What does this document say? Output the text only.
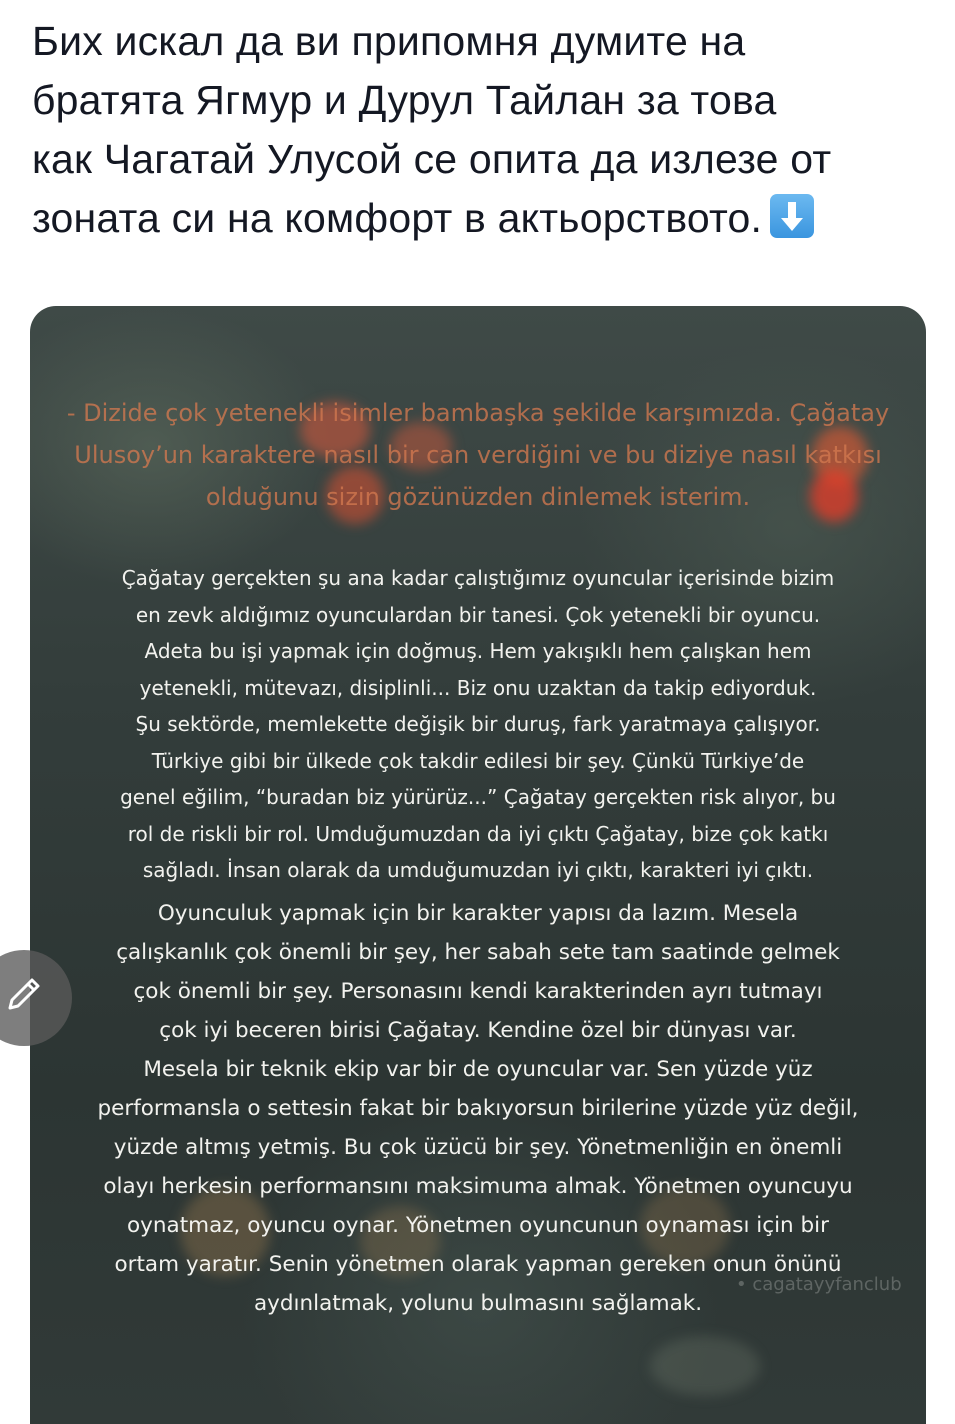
Бих искал да ви припомня думите на
братята Ягмур и Дурул Тайлан за това
как Чагатай Улусой се опита да излезе от
зоната си на комфорт в актьорството.
- Dizide çok yetenekli isimler bambaşka şekilde karşımızda. Çağatay
Ulusoy’un karaktere nasıl bir can verdiğini ve bu diziye nasıl katkısı
olduğunu sizin gözünüzden dinlemek isterim.
Çağatay gerçekten şu ana kadar çalıştığımız oyuncular içerisinde bizim
en zevk aldığımız oyunculardan bir tanesi. Çok yetenekli bir oyuncu.
Adeta bu işi yapmak için doğmuş. Hem yakışıklı hem çalışkan hem
yetenekli, mütevazı, disiplinli... Biz onu uzaktan da takip ediyorduk.
Şu sektörde, memlekette değişik bir duruş, fark yaratmaya çalışıyor.
Türkiye gibi bir ülkede çok takdir edilesi bir şey. Çünkü Türkiye’de
genel eğilim, “buradan biz yürürüz...” Çağatay gerçekten risk alıyor, bu
rol de riskli bir rol. Umduğumuzdan da iyi çıktı Çağatay, bize çok katkı
sağladı. İnsan olarak da umduğumuzdan iyi çıktı, karakteri iyi çıktı.
Oyunculuk yapmak için bir karakter yapısı da lazım. Mesela
çalışkanlık çok önemli bir şey, her sabah sete tam saatinde gelmek
çok önemli bir şey. Personasını kendi karakterinden ayrı tutmayı
çok iyi beceren birisi Çağatay. Kendine özel bir dünyası var.
Mesela bir teknik ekip var bir de oyuncular var. Sen yüzde yüz
performansla o settesin fakat bir bakıyorsun birilerine yüzde yüz değil,
yüzde altmış yetmiş. Bu çok üzücü bir şey. Yönetmenliğin en önemli
olayı herkesin performansını maksimuma almak. Yönetmen oyuncuyu
oynatmaz, oyuncu oynar. Yönetmen oyuncunun oynaması için bir
ortam yaratır. Senin yönetmen olarak yapman gereken onun önünü
aydınlatmak, yolunu bulmasını sağlamak.
• cagatayyfanclub
